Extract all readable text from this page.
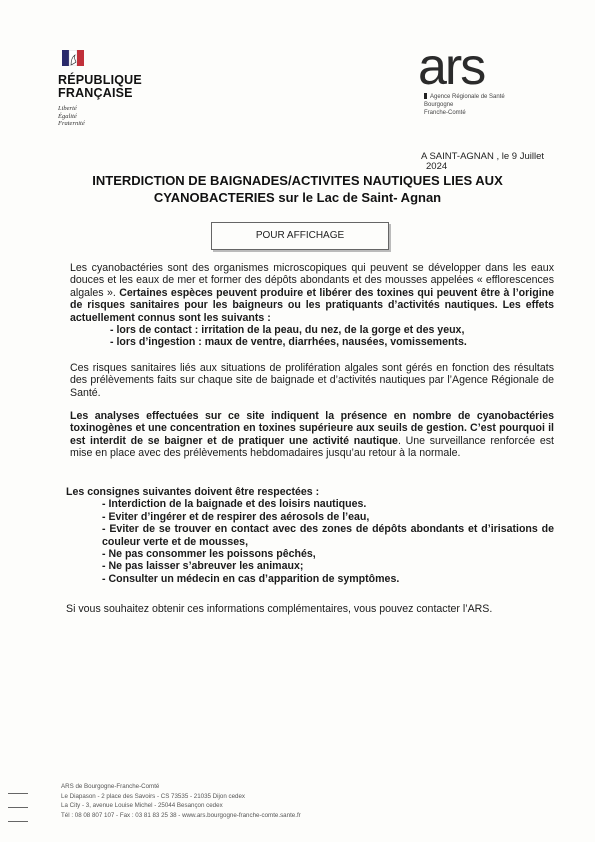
RÉPUBLIQUE
FRANÇAISE
Liberté
Égalité
Fraternité
ars
Agence Régionale de Santé
Bourgogne
Franche-Comté
A SAINT-AGNAN , le 9 Juillet
2024
INTERDICTION DE BAIGNADES/ACTIVITES NAUTIQUES LIES AUX
CYANOBACTERIES sur le Lac de Saint- Agnan
POUR AFFICHAGE
Les cyanobactéries sont des organismes microscopiques qui peuvent se développer dans les eaux douces et les eaux de mer et former des dépôts abondants et des mousses appelées « efflorescences algales ». Certaines espèces peuvent produire et libérer des toxines qui peuvent être à l’origine de risques sanitaires pour les baigneurs ou les pratiquants d’activités nautiques. Les effets actuellement connus sont les suivants :
- lors de contact : irritation de la peau, du nez, de la gorge et des yeux,
- lors d’ingestion : maux de ventre, diarrhées, nausées, vomissements.
Ces risques sanitaires liés aux situations de prolifération algales sont gérés en fonction des résultats des prélèvements faits sur chaque site de baignade et d’activités nautiques par l’Agence Régionale de Santé.
Les analyses effectuées sur ce site indiquent la présence en nombre de cyanobactéries toxinogènes et une concentration en toxines supérieure aux seuils de gestion. C’est pourquoi il est interdit de se baigner et de pratiquer une activité nautique. Une surveillance renforcée est mise en place avec des prélèvements hebdomadaires jusqu’au retour à la normale.
Les consignes suivantes doivent être respectées :
- Interdiction de la baignade et des loisirs nautiques.
- Eviter d’ingérer et de respirer des aérosols de l’eau,
- Eviter de se trouver en contact avec des zones de dépôts abondants et d’irisations de couleur verte et de mousses,
- Ne pas consommer les poissons pêchés,
- Ne pas laisser s’abreuver les animaux;
- Consulter un médecin en cas d’apparition de symptômes.
Si vous souhaitez obtenir ces informations complémentaires, vous pouvez contacter l’ARS.
ARS de Bourgogne-Franche-Comté
Le Diapason - 2 place des Savoirs - CS 73535 - 21035 Dijon cedex
La City - 3, avenue Louise Michel - 25044 Besançon cedex
Tél : 08 08 807 107 - Fax : 03 81 83 25 38 - www.ars.bourgogne-franche-comte.sante.fr
